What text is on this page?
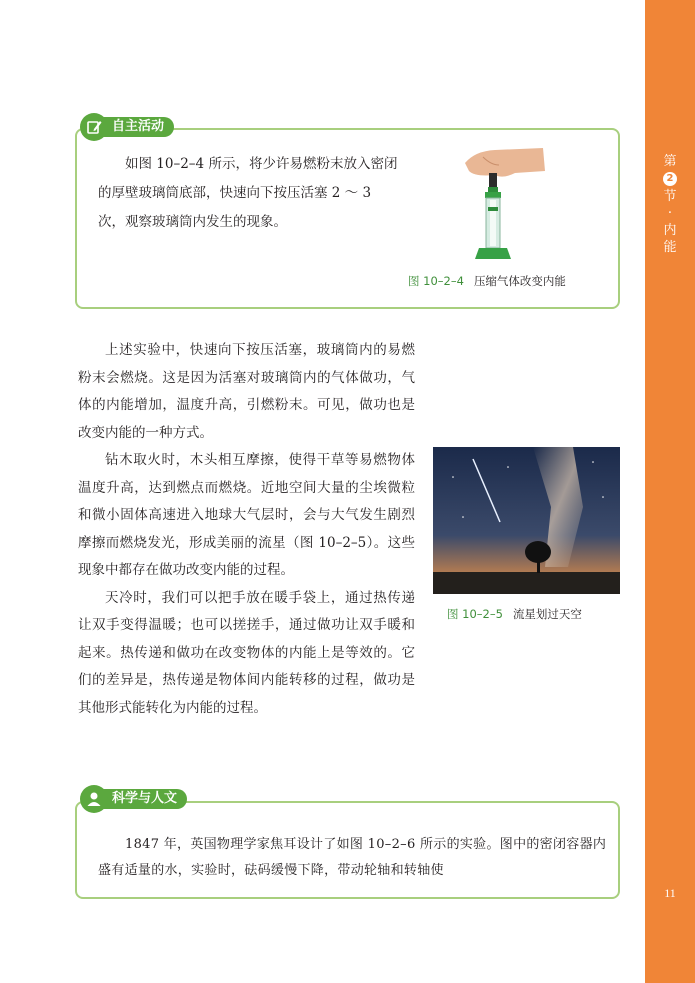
第
2
节
·
内
能
11
自主活动
如图 10–2–4 所示，将少许易燃粉末放入密闭的厚壁玻璃筒底部，快速向下按压活塞 2 ～ 3 次，观察玻璃筒内发生的现象。
图 10–2–4 压缩气体改变内能

上述实验中，快速向下按压活塞，玻璃筒内的易燃粉末会燃烧。这是因为活塞对玻璃筒内的气体做功，气体的内能增加，温度升高，引燃粉末。可见，做功也是改变内能的一种方式。

钻木取火时，木头相互摩擦，使得干草等易燃物体温度升高，达到燃点而燃烧。近地空间大量的尘埃微粒和微小固体高速进入地球大气层时，会与大气发生剧烈摩擦而燃烧发光，形成美丽的流星（图 10–2–5）。这些现象中都存在做功改变内能的过程。

天冷时，我们可以把手放在暖手袋上，通过热传递让双手变得温暖；也可以搓搓手，通过做功让双手暖和起来。热传递和做功在改变物体的内能上是等效的。它们的差异是，热传递是物体间内能转移的过程，做功是其他形式能转化为内能的过程。

图 10–2–5 流星划过天空
科学与人文
1847 年，英国物理学家焦耳设计了如图 10–2–6 所示的实验。图中的密闭容器内盛有适量的水，实验时，砝码缓慢下降，带动轮轴和转轴使
